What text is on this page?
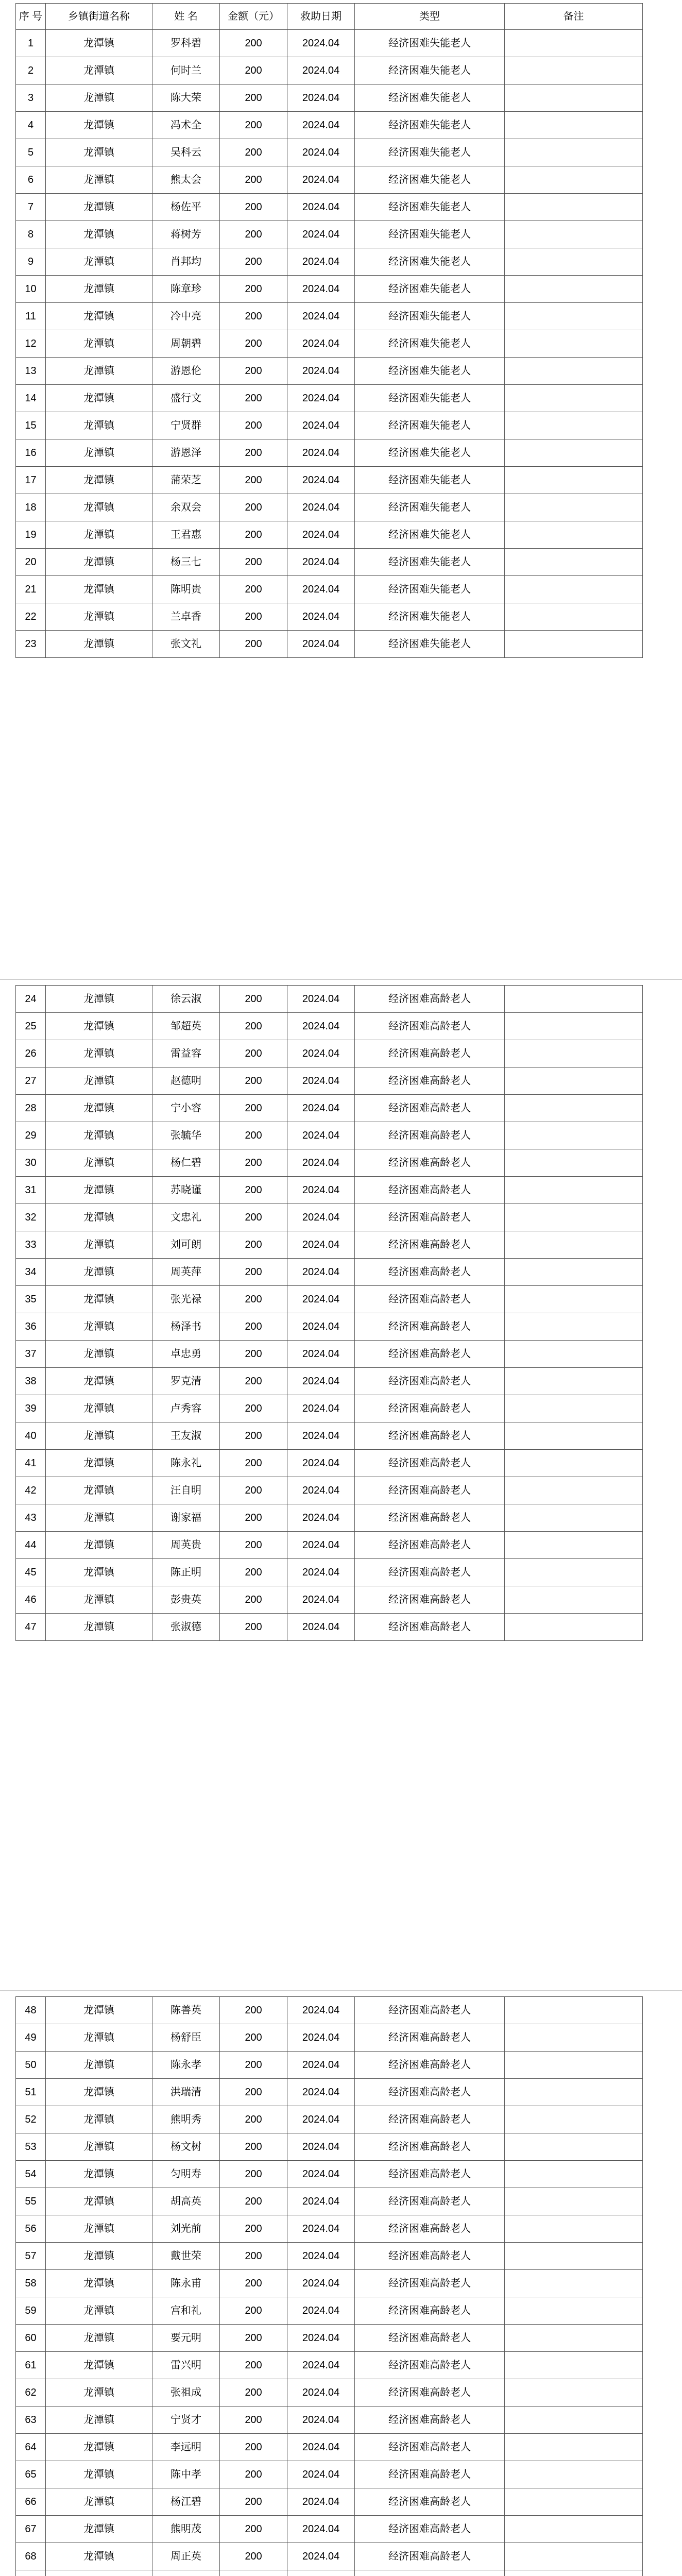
序 号	乡镇街道名称	姓 名	金额（元）	救助日期	类型	备注
1	龙潭镇	罗科碧	200	2024.04	经济困难失能老人	
2	龙潭镇	何时兰	200	2024.04	经济困难失能老人	
3	龙潭镇	陈大荣	200	2024.04	经济困难失能老人	
4	龙潭镇	冯术全	200	2024.04	经济困难失能老人	
5	龙潭镇	吴科云	200	2024.04	经济困难失能老人	
6	龙潭镇	熊太会	200	2024.04	经济困难失能老人	
7	龙潭镇	杨佐平	200	2024.04	经济困难失能老人	
8	龙潭镇	蒋树芳	200	2024.04	经济困难失能老人	
9	龙潭镇	肖邦均	200	2024.04	经济困难失能老人	
10	龙潭镇	陈章珍	200	2024.04	经济困难失能老人	
11	龙潭镇	冷中亮	200	2024.04	经济困难失能老人	
12	龙潭镇	周朝碧	200	2024.04	经济困难失能老人	
13	龙潭镇	游恩伦	200	2024.04	经济困难失能老人	
14	龙潭镇	盛行文	200	2024.04	经济困难失能老人	
15	龙潭镇	宁贤群	200	2024.04	经济困难失能老人	
16	龙潭镇	游恩泽	200	2024.04	经济困难失能老人	
17	龙潭镇	蒲荣芝	200	2024.04	经济困难失能老人	
18	龙潭镇	余双会	200	2024.04	经济困难失能老人	
19	龙潭镇	王君惠	200	2024.04	经济困难失能老人	
20	龙潭镇	杨三七	200	2024.04	经济困难失能老人	
21	龙潭镇	陈明贵	200	2024.04	经济困难失能老人	
22	龙潭镇	兰卓香	200	2024.04	经济困难失能老人	
23	龙潭镇	张文礼	200	2024.04	经济困难失能老人	
24	龙潭镇	徐云淑	200	2024.04	经济困难高龄老人	
25	龙潭镇	邹超英	200	2024.04	经济困难高龄老人	
26	龙潭镇	雷益容	200	2024.04	经济困难高龄老人	
27	龙潭镇	赵德明	200	2024.04	经济困难高龄老人	
28	龙潭镇	宁小容	200	2024.04	经济困难高龄老人	
29	龙潭镇	张毓华	200	2024.04	经济困难高龄老人	
30	龙潭镇	杨仁碧	200	2024.04	经济困难高龄老人	
31	龙潭镇	苏晓谨	200	2024.04	经济困难高龄老人	
32	龙潭镇	文忠礼	200	2024.04	经济困难高龄老人	
33	龙潭镇	刘可朗	200	2024.04	经济困难高龄老人	
34	龙潭镇	周英萍	200	2024.04	经济困难高龄老人	
35	龙潭镇	张光禄	200	2024.04	经济困难高龄老人	
36	龙潭镇	杨泽书	200	2024.04	经济困难高龄老人	
37	龙潭镇	卓忠勇	200	2024.04	经济困难高龄老人	
38	龙潭镇	罗克清	200	2024.04	经济困难高龄老人	
39	龙潭镇	卢秀容	200	2024.04	经济困难高龄老人	
40	龙潭镇	王友淑	200	2024.04	经济困难高龄老人	
41	龙潭镇	陈永礼	200	2024.04	经济困难高龄老人	
42	龙潭镇	汪自明	200	2024.04	经济困难高龄老人	
43	龙潭镇	谢家福	200	2024.04	经济困难高龄老人	
44	龙潭镇	周英贵	200	2024.04	经济困难高龄老人	
45	龙潭镇	陈正明	200	2024.04	经济困难高龄老人	
46	龙潭镇	彭贵英	200	2024.04	经济困难高龄老人	
47	龙潭镇	张淑德	200	2024.04	经济困难高龄老人	
48	龙潭镇	陈善英	200	2024.04	经济困难高龄老人	
49	龙潭镇	杨舒臣	200	2024.04	经济困难高龄老人	
50	龙潭镇	陈永孝	200	2024.04	经济困难高龄老人	
51	龙潭镇	洪瑞清	200	2024.04	经济困难高龄老人	
52	龙潭镇	熊明秀	200	2024.04	经济困难高龄老人	
53	龙潭镇	杨文树	200	2024.04	经济困难高龄老人	
54	龙潭镇	匀明寿	200	2024.04	经济困难高龄老人	
55	龙潭镇	胡高英	200	2024.04	经济困难高龄老人	
56	龙潭镇	刘光前	200	2024.04	经济困难高龄老人	
57	龙潭镇	戴世荣	200	2024.04	经济困难高龄老人	
58	龙潭镇	陈永甫	200	2024.04	经济困难高龄老人	
59	龙潭镇	宫和礼	200	2024.04	经济困难高龄老人	
60	龙潭镇	要元明	200	2024.04	经济困难高龄老人	
61	龙潭镇	雷兴明	200	2024.04	经济困难高龄老人	
62	龙潭镇	张祖成	200	2024.04	经济困难高龄老人	
63	龙潭镇	宁贤才	200	2024.04	经济困难高龄老人	
64	龙潭镇	李远明	200	2024.04	经济困难高龄老人	
65	龙潭镇	陈中孝	200	2024.04	经济困难高龄老人	
66	龙潭镇	杨江碧	200	2024.04	经济困难高龄老人	
67	龙潭镇	熊明茂	200	2024.04	经济困难高龄老人	
68	龙潭镇	周正英	200	2024.04	经济困难高龄老人	
